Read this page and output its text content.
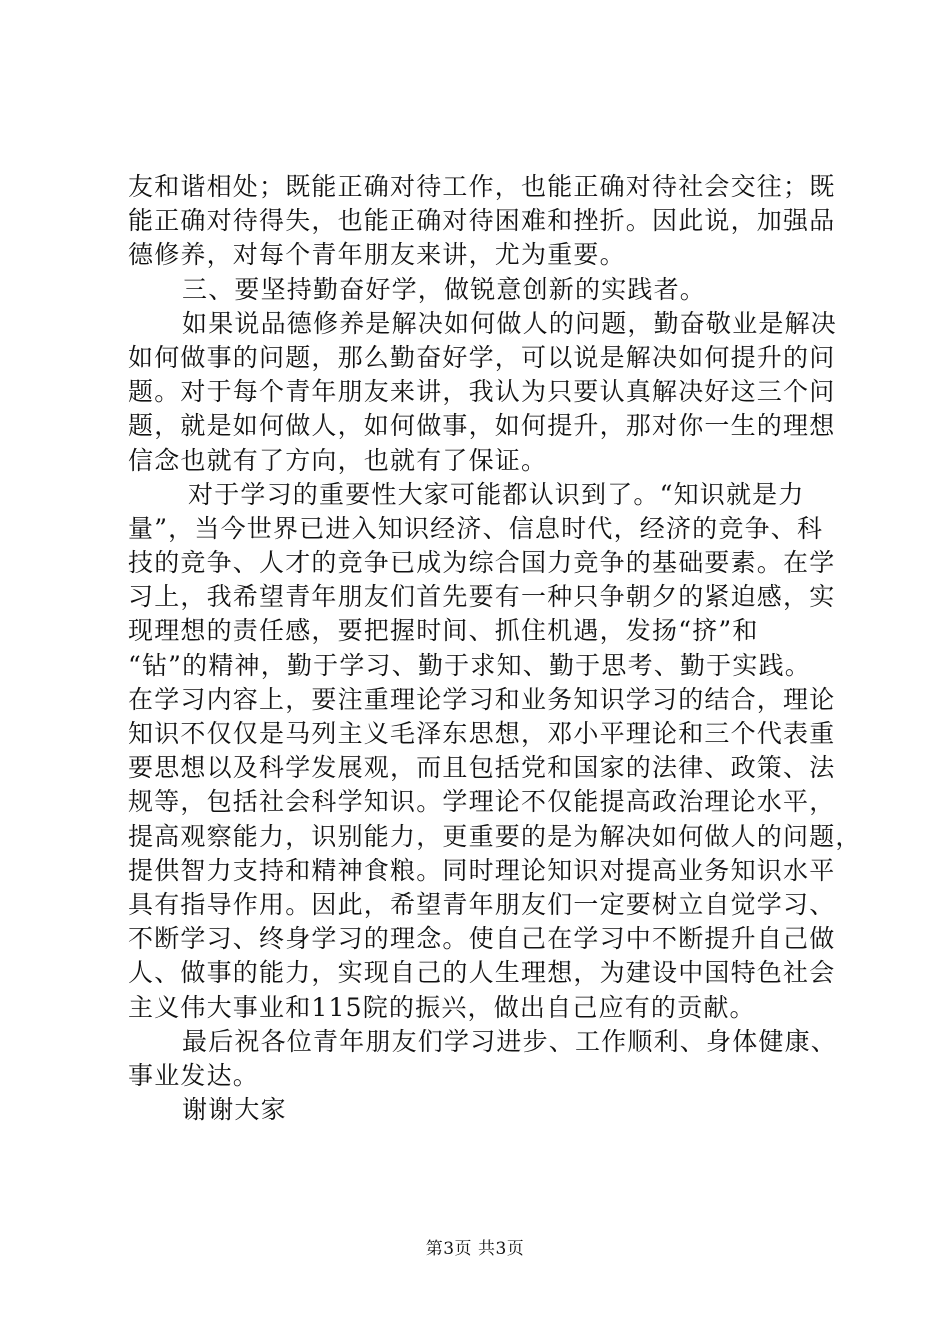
友和谐相处；既能正确对待工作，也能正确对待社会交往；既
能正确对待得失，也能正确对待困难和挫折。因此说，加强品
德修养，对每个青年朋友来讲，尤为重要。
三、要坚持勤奋好学，做锐意创新的实践者。
如果说品德修养是解决如何做人的问题，勤奋敬业是解决
如何做事的问题，那么勤奋好学，可以说是解决如何提升的问
题。对于每个青年朋友来讲，我认为只要认真解决好这三个问
题，就是如何做人，如何做事，如何提升，那对你一生的理想
信念也就有了方向，也就有了保证。
对于学习的重要性大家可能都认识到了。“知识就是力
量”，当今世界已进入知识经济、信息时代，经济的竞争、科
技的竞争、人才的竞争已成为综合国力竞争的基础要素。在学
习上，我希望青年朋友们首先要有一种只争朝夕的紧迫感，实
现理想的责任感，要把握时间、抓住机遇，发扬“挤”和
“钻”的精神，勤于学习、勤于求知、勤于思考、勤于实践。
在学习内容上，要注重理论学习和业务知识学习的结合，理论
知识不仅仅是马列主义毛泽东思想，邓小平理论和三个代表重
要思想以及科学发展观，而且包括党和国家的法律、政策、法
规等，包括社会科学知识。学理论不仅能提高政治理论水平，
提高观察能力，识别能力，更重要的是为解决如何做人的问题，
提供智力支持和精神食粮。同时理论知识对提高业务知识水平
具有指导作用。因此，希望青年朋友们一定要树立自觉学习、
不断学习、终身学习的理念。使自己在学习中不断提升自己做
人、做事的能力，实现自己的人生理想，为建设中国特色社会
主义伟大事业和115院的振兴，做出自己应有的贡献。
最后祝各位青年朋友们学习进步、工作顺利、身体健康、
事业发达。
谢谢大家
第3页 共3页
